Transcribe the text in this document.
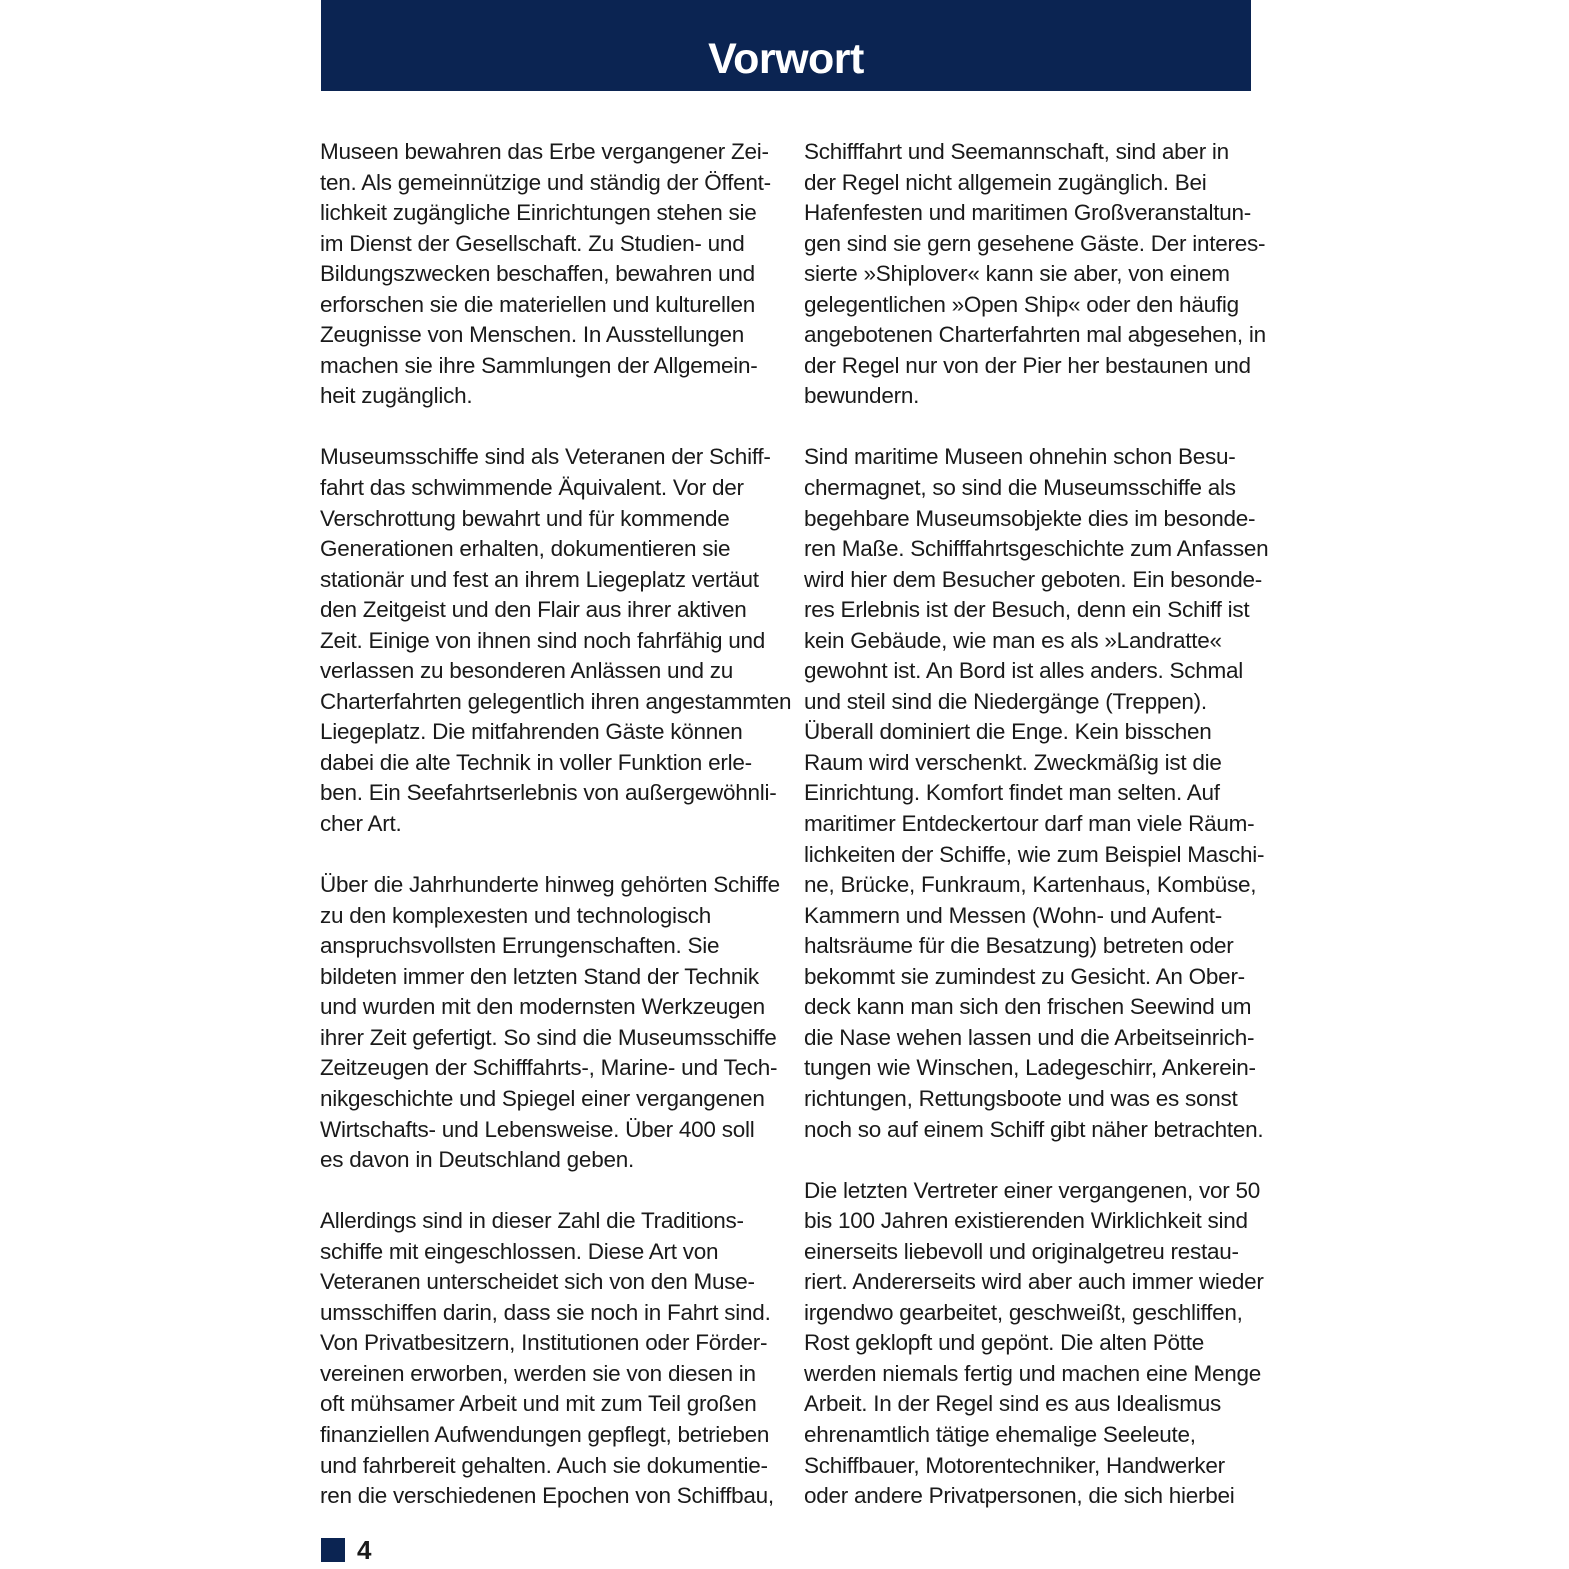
Vorwort
Museen bewahren das Erbe vergangener Zei-
ten. Als gemeinnützige und ständig der Öffent-
lichkeit zugängliche Einrichtungen stehen sie
im Dienst der Gesellschaft. Zu Studien- und
Bildungszwecken beschaffen, bewahren und
erforschen sie die materiellen und kulturellen
Zeugnisse von Menschen. In Ausstellungen
machen sie ihre Sammlungen der Allgemein-
heit zugänglich.
Museumsschiffe sind als Veteranen der Schiff-
fahrt das schwimmende Äquivalent. Vor der
Verschrottung bewahrt und für kommende
Generationen erhalten, dokumentieren sie
stationär und fest an ihrem Liegeplatz vertäut
den Zeitgeist und den Flair aus ihrer aktiven
Zeit. Einige von ihnen sind noch fahrfähig und
verlassen zu besonderen Anlässen und zu
Charterfahrten gelegentlich ihren angestammten
Liegeplatz. Die mitfahrenden Gäste können
dabei die alte Technik in voller Funktion erle-
ben. Ein Seefahrtserlebnis von außergewöhnli-
cher Art.
Über die Jahrhunderte hinweg gehörten Schiffe
zu den komplexesten und technologisch
anspruchsvollsten Errungenschaften. Sie
bildeten immer den letzten Stand der Technik
und wurden mit den modernsten Werkzeugen
ihrer Zeit gefertigt. So sind die Museumsschiffe
Zeitzeugen der Schifffahrts-, Marine- und Tech-
nikgeschichte und Spiegel einer vergangenen
Wirtschafts- und Lebensweise. Über 400 soll
es davon in Deutschland geben.
Allerdings sind in dieser Zahl die Traditions-
schiffe mit eingeschlossen. Diese Art von
Veteranen unterscheidet sich von den Muse-
umsschiffen darin, dass sie noch in Fahrt sind.
Von Privatbesitzern, Institutionen oder Förder-
vereinen erworben, werden sie von diesen in
oft mühsamer Arbeit und mit zum Teil großen
finanziellen Aufwendungen gepflegt, betrieben
und fahrbereit gehalten. Auch sie dokumentie-
ren die verschiedenen Epochen von Schiffbau,
Schifffahrt und Seemannschaft, sind aber in
der Regel nicht allgemein zugänglich. Bei
Hafenfesten und maritimen Großveranstaltun-
gen sind sie gern gesehene Gäste. Der interes-
sierte »Shiplover« kann sie aber, von einem
gelegentlichen »Open Ship« oder den häufig
angebotenen Charterfahrten mal abgesehen, in
der Regel nur von der Pier her bestaunen und
bewundern.
Sind maritime Museen ohnehin schon Besu-
chermagnet, so sind die Museumsschiffe als
begehbare Museumsobjekte dies im besonde-
ren Maße. Schifffahrtsgeschichte zum Anfassen
wird hier dem Besucher geboten. Ein besonde-
res Erlebnis ist der Besuch, denn ein Schiff ist
kein Gebäude, wie man es als »Landratte«
gewohnt ist. An Bord ist alles anders. Schmal
und steil sind die Niedergänge (Treppen).
Überall dominiert die Enge. Kein bisschen
Raum wird verschenkt. Zweckmäßig ist die
Einrichtung. Komfort findet man selten. Auf
maritimer Entdeckertour darf man viele Räum-
lichkeiten der Schiffe, wie zum Beispiel Maschi-
ne, Brücke, Funkraum, Kartenhaus, Kombüse,
Kammern und Messen (Wohn- und Aufent-
haltsräume für die Besatzung) betreten oder
bekommt sie zumindest zu Gesicht. An Ober-
deck kann man sich den frischen Seewind um
die Nase wehen lassen und die Arbeitseinrich-
tungen wie Winschen, Ladegeschirr, Ankerein-
richtungen, Rettungsboote und was es sonst
noch so auf einem Schiff gibt näher betrachten.
Die letzten Vertreter einer vergangenen, vor 50
bis 100 Jahren existierenden Wirklichkeit sind
einerseits liebevoll und originalgetreu restau-
riert. Andererseits wird aber auch immer wieder
irgendwo gearbeitet, geschweißt, geschliffen,
Rost geklopft und gepönt. Die alten Pötte
werden niemals fertig und machen eine Menge
Arbeit. In der Regel sind es aus Idealismus
ehrenamtlich tätige ehemalige Seeleute,
Schiffbauer, Motorentechniker, Handwerker
oder andere Privatpersonen, die sich hierbei
4
